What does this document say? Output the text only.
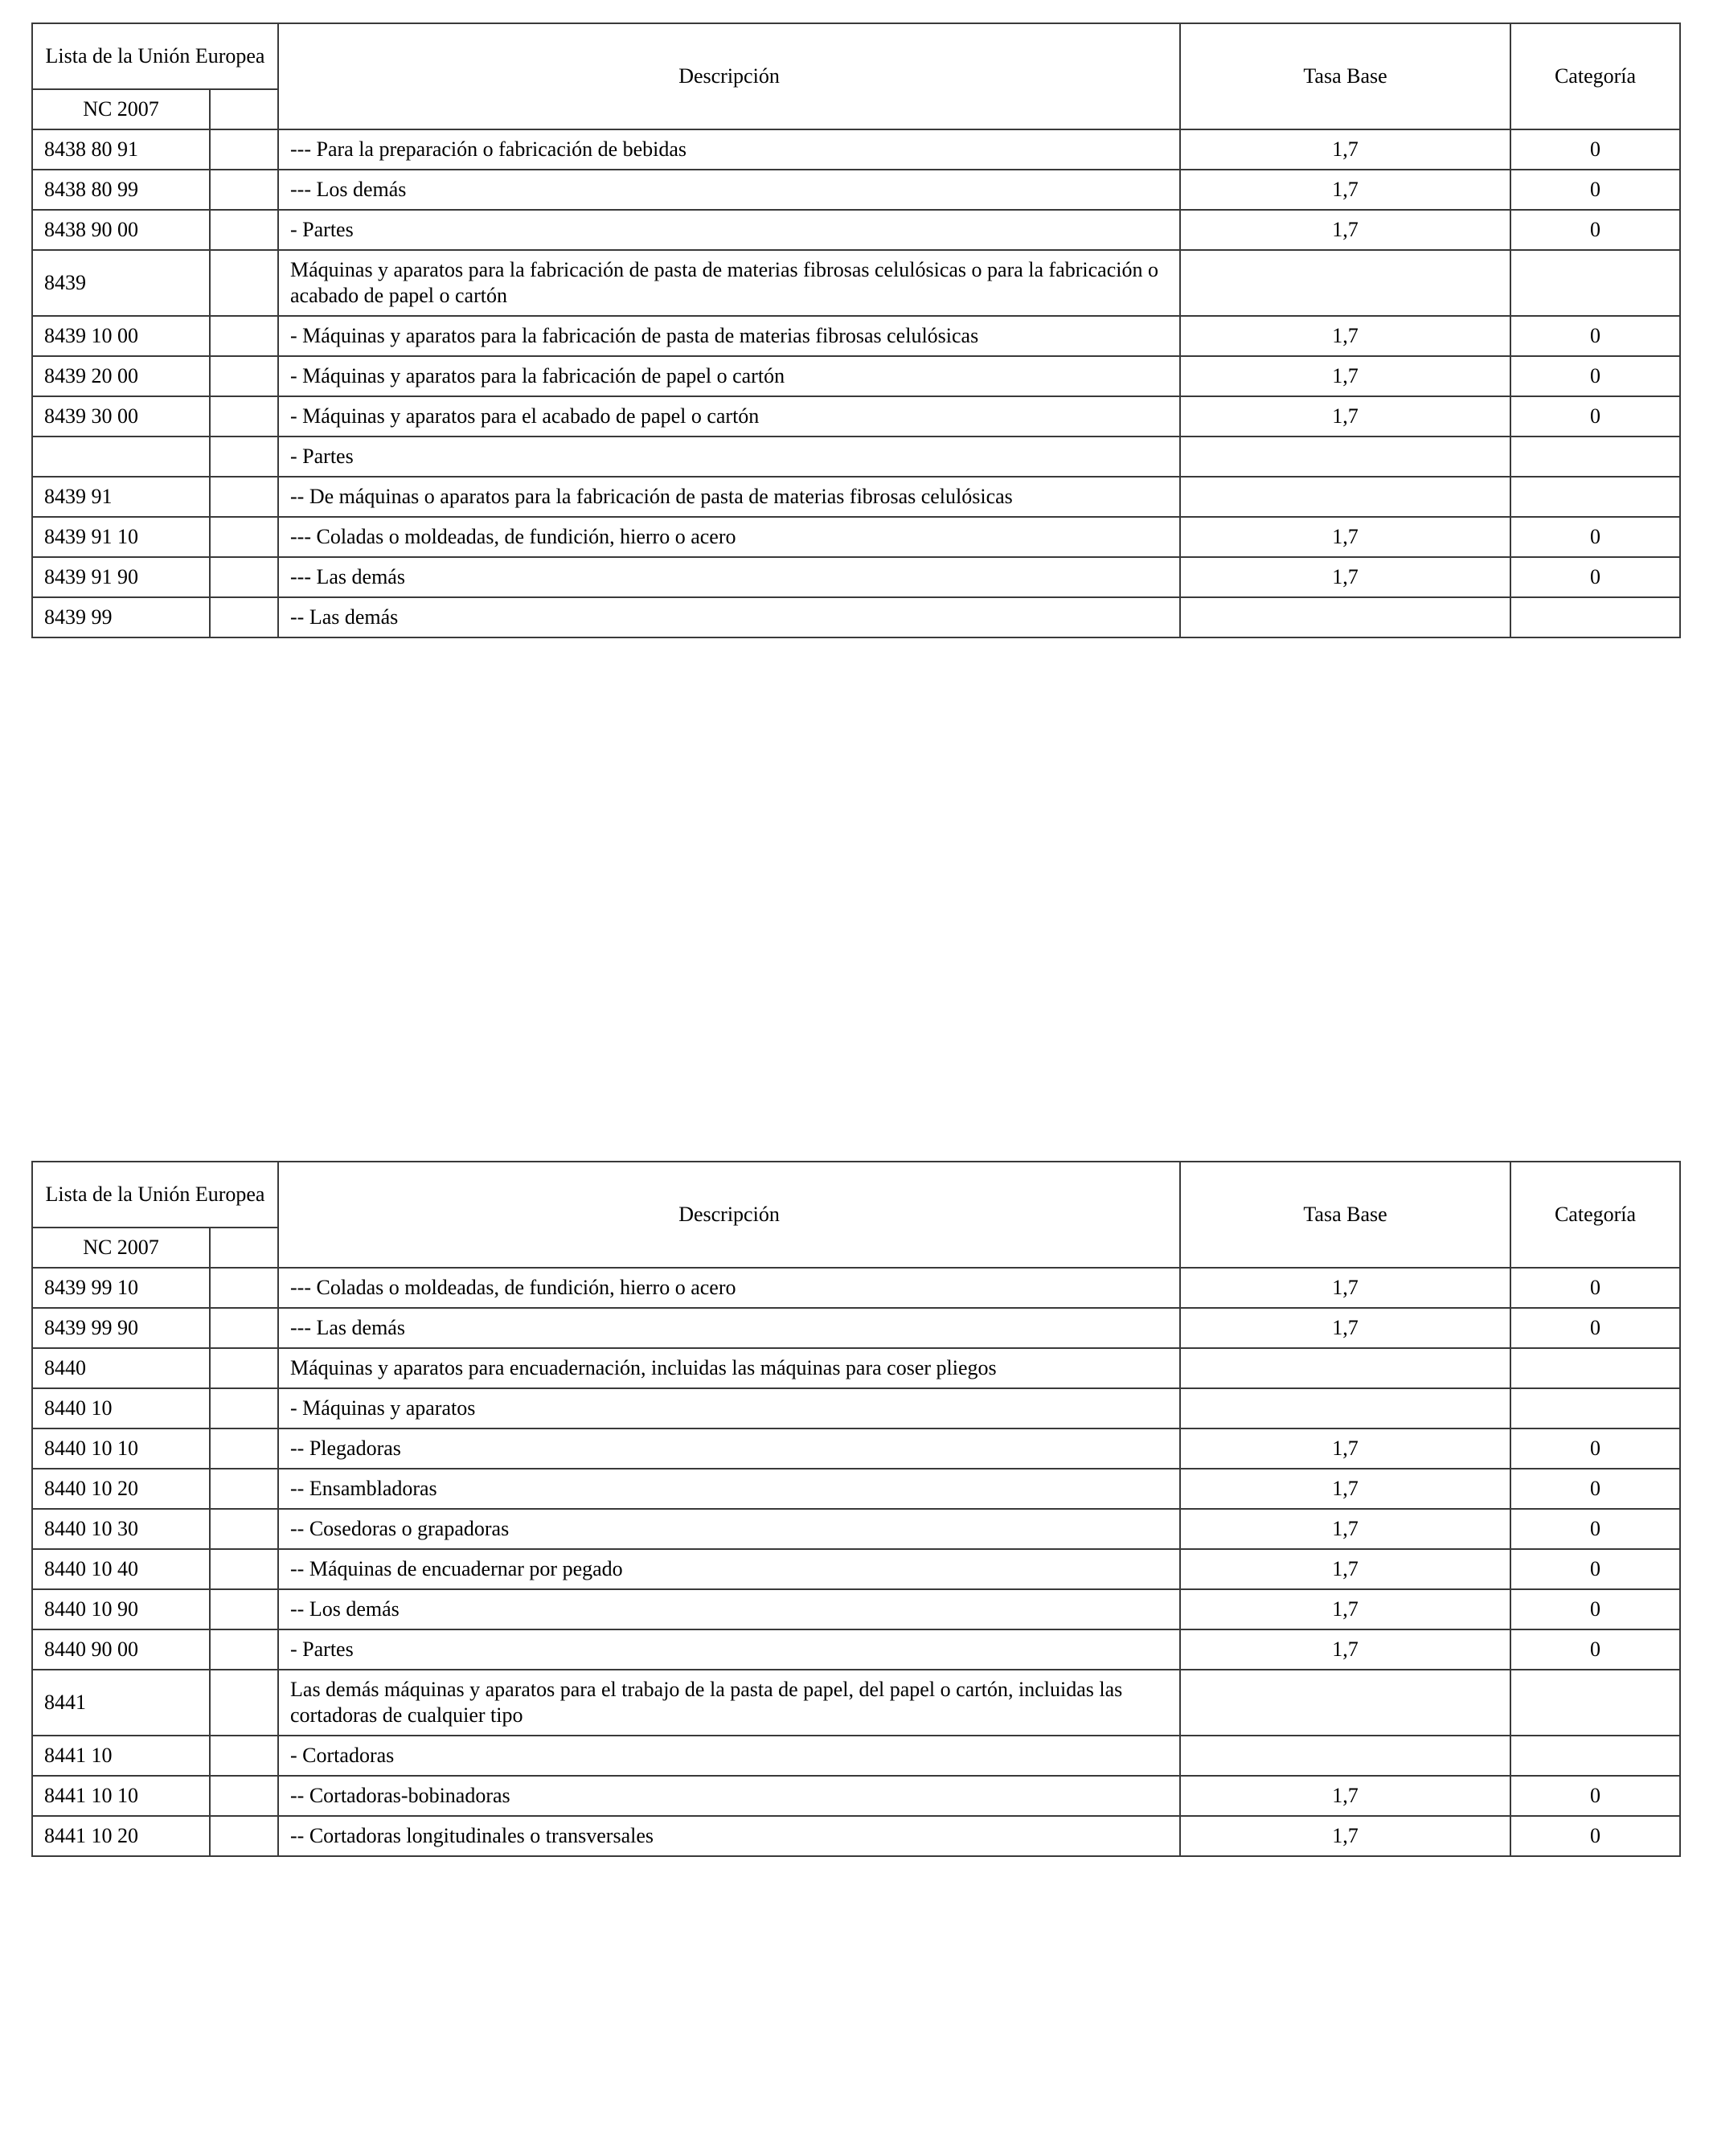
Lista de la Unión Europea		Descripción	Tasa Base	Categoría
NC 2007				
8438 80 91		--- Para la preparación o fabricación de bebidas	1,7	0
8438 80 99		--- Los demás	1,7	0
8438 90 00		- Partes	1,7	0
8439		Máquinas y aparatos para la fabricación de pasta de materias fibrosas celulósicas o para la fabricación o acabado de papel o cartón		
8439 10 00		- Máquinas y aparatos para la fabricación de pasta de materias fibrosas celulósicas	1,7	0
8439 20 00		- Máquinas y aparatos para la fabricación de papel o cartón	1,7	0
8439 30 00		- Máquinas y aparatos para el acabado de papel o cartón	1,7	0
		- Partes		
8439 91		-- De máquinas o aparatos para la fabricación de pasta de materias fibrosas celulósicas		
8439 91 10		--- Coladas o moldeadas, de fundición, hierro o acero	1,7	0
8439 91 90		--- Las demás	1,7	0
8439 99		-- Las demás		
Lista de la Unión Europea		Descripción	Tasa Base	Categoría
NC 2007				
8439 99 10		--- Coladas o moldeadas, de fundición, hierro o acero	1,7	0
8439 99 90		--- Las demás	1,7	0
8440		Máquinas y aparatos para encuadernación, incluidas las máquinas para coser pliegos		
8440 10		- Máquinas y aparatos		
8440 10 10		-- Plegadoras	1,7	0
8440 10 20		-- Ensambladoras	1,7	0
8440 10 30		-- Cosedoras o grapadoras	1,7	0
8440 10 40		-- Máquinas de encuadernar por pegado	1,7	0
8440 10 90		-- Los demás	1,7	0
8440 90 00		- Partes	1,7	0
8441		Las demás máquinas y aparatos para el trabajo de la pasta de papel, del papel o cartón, incluidas las cortadoras de cualquier tipo		
8441 10		- Cortadoras		
8441 10 10		-- Cortadoras-bobinadoras	1,7	0
8441 10 20		-- Cortadoras longitudinales o transversales	1,7	0
